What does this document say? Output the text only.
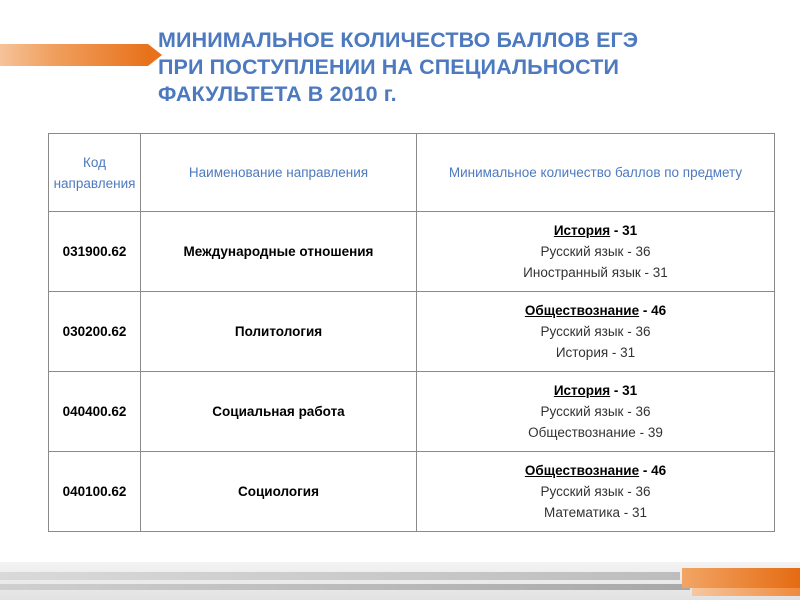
МИНИМАЛЬНОЕ КОЛИЧЕСТВО БАЛЛОВ ЕГЭ
ПРИ ПОСТУПЛЕНИИ НА СПЕЦИАЛЬНОСТИ
ФАКУЛЬТЕТА В 2010 г.
Код направления	Наименование направления	Минимальное количество баллов по предмету
031900.62	Международные отношения	История - 31
Русский язык - 36
Иностранный язык - 31

030200.62	Политология	Обществознание - 46
Русский язык - 36
История - 31

040400.62	Социальная работа	История - 31
Русский язык - 36
Обществознание - 39

040100.62	Социология	Обществознание - 46
Русский язык - 36
Математика - 31
